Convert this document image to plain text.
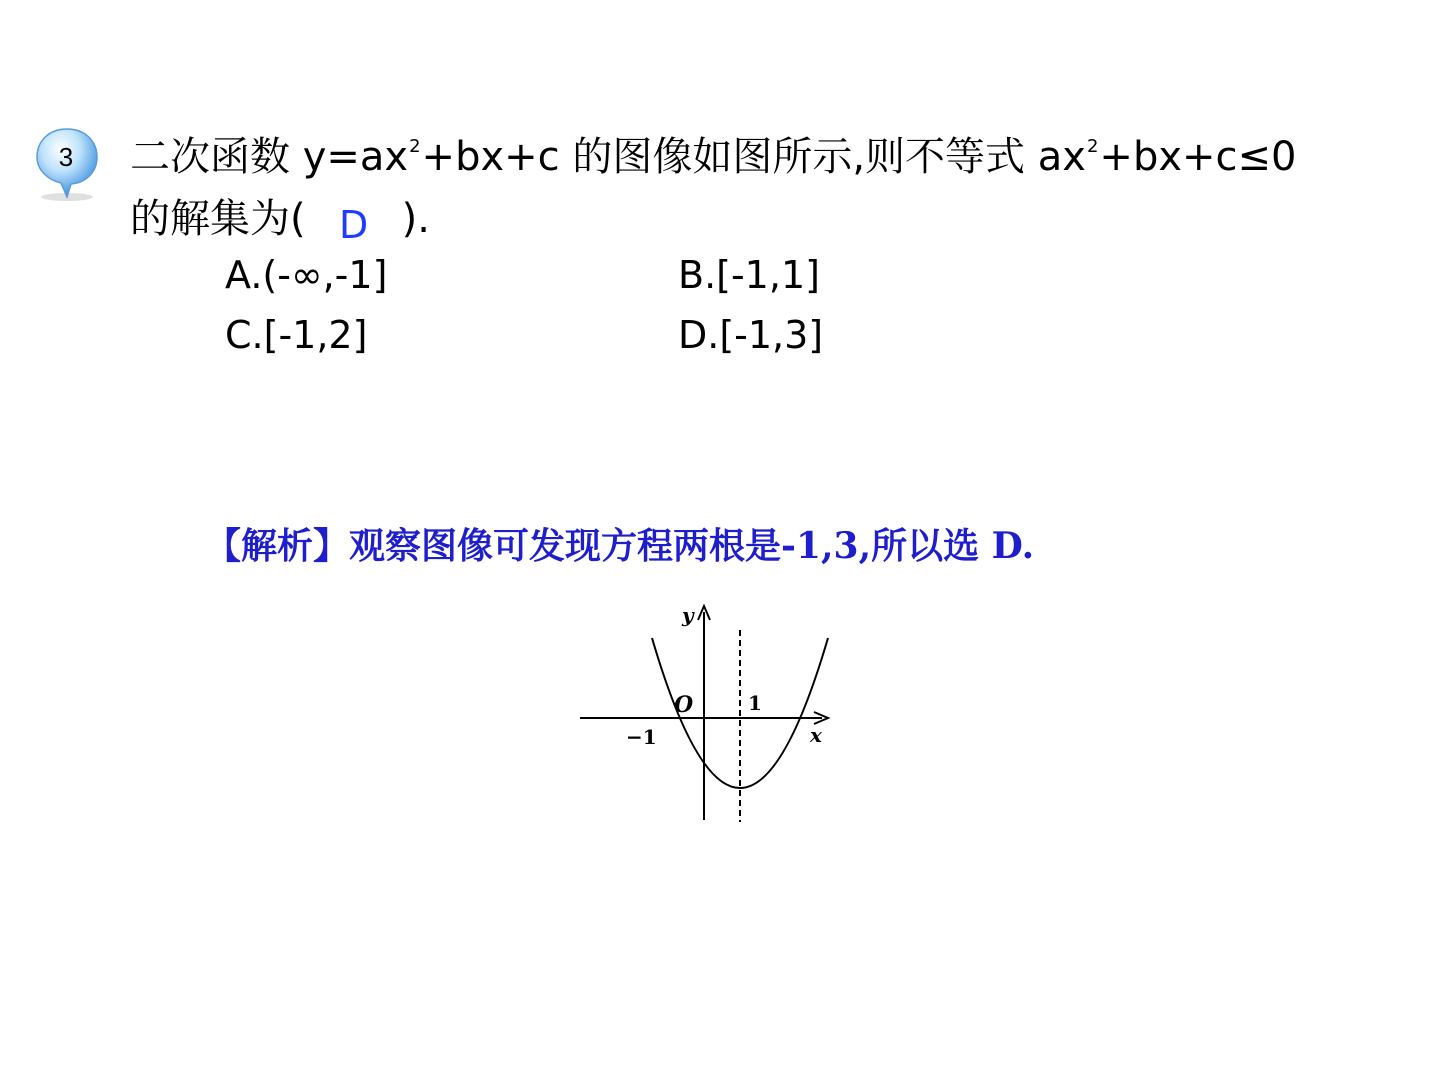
3 二次函数 $y=ax^2+bx+c$ 的图像如图所示,则不等式 $ax^2+bx+c\le 0$
的解集为( D ).
A.(-∞,-1]	B.[-1,1]
C.[-1,2]	D.[-1,3]
【解析】观察图像可发现方程两根是-1,3,所以选 D.
y
x
O
−1
1
